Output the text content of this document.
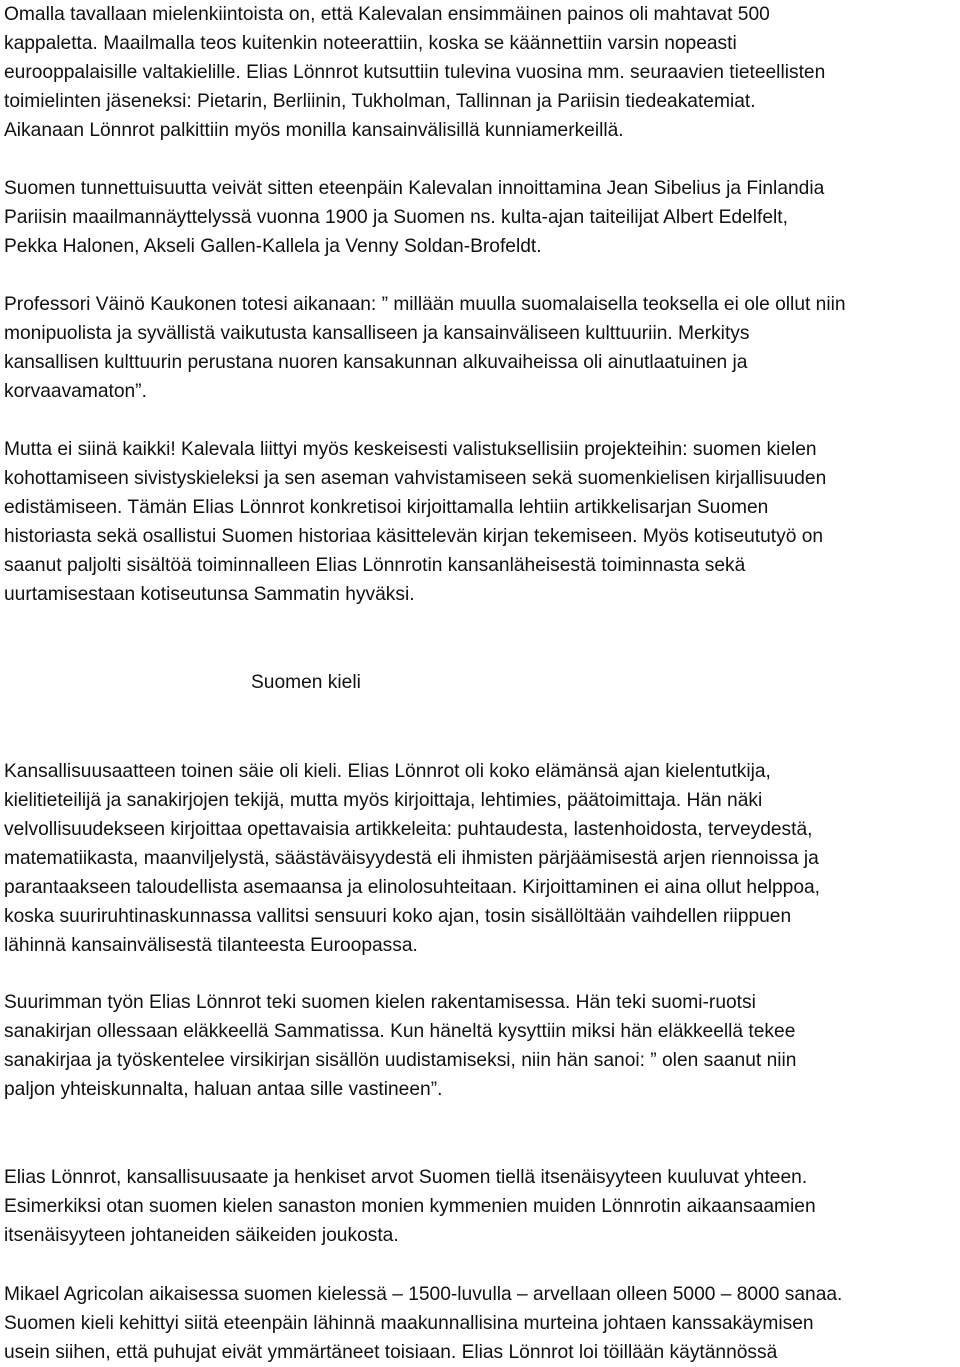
Omalla tavallaan mielenkiintoista on, että Kalevalan ensimmäinen painos oli mahtavat 500
kappaletta. Maailmalla teos kuitenkin noteerattiin, koska se käännettiin varsin nopeasti
eurooppalaisille valtakielille. Elias Lönnrot kutsuttiin tulevina vuosina mm. seuraavien tieteellisten
toimielinten jäseneksi: Pietarin, Berliinin, Tukholman, Tallinnan ja Pariisin tiedeakatemiat.
Aikanaan Lönnrot palkittiin myös monilla kansainvälisillä kunniamerkeillä.

Suomen tunnettuisuutta veivät sitten eteenpäin Kalevalan innoittamina Jean Sibelius ja Finlandia
Pariisin maailmannäyttelyssä vuonna 1900 ja Suomen ns. kulta-ajan taiteilijat Albert Edelfelt,
Pekka Halonen, Akseli Gallen-Kallela ja Venny Soldan-Brofeldt.

Professori Väinö Kaukonen totesi aikanaan: ” millään muulla suomalaisella teoksella ei ole ollut niin
monipuolista ja syvällistä vaikutusta kansalliseen ja kansainväliseen kulttuuriin. Merkitys
kansallisen kulttuurin perustana nuoren kansakunnan alkuvaiheissa oli ainutlaatuinen ja
korvaavamaton”.

Mutta ei siinä kaikki! Kalevala liittyi myös keskeisesti valistuksellisiin projekteihin: suomen kielen
kohottamiseen sivistyskieleksi ja sen aseman vahvistamiseen sekä suomenkielisen kirjallisuuden
edistämiseen. Tämän Elias Lönnrot konkretisoi kirjoittamalla lehtiin artikkelisarjan Suomen
historiasta sekä osallistui Suomen historiaa käsittelevän kirjan tekemiseen. Myös kotiseututyö on
saanut paljolti sisältöä toiminnalleen Elias Lönnrotin kansanläheisestä toiminnasta sekä
uurtamisestaan kotiseutunsa Sammatin hyväksi.

Suomen kieli

Kansallisuusaatteen toinen säie oli kieli. Elias Lönnrot oli koko elämänsä ajan kielentutkija,
kielitieteilijä ja sanakirjojen tekijä, mutta myös kirjoittaja, lehtimies, päätoimittaja. Hän näki
velvollisuudekseen kirjoittaa opettavaisia artikkeleita: puhtaudesta, lastenhoidosta, terveydestä,
matematiikasta, maanviljelystä, säästäväisyydestä eli ihmisten pärjäämisestä arjen riennoissa ja
parantaakseen taloudellista asemaansa ja elinolosuhteitaan. Kirjoittaminen ei aina ollut helppoa,
koska suuriruhtinaskunnassa vallitsi sensuuri koko ajan, tosin sisällöltään vaihdellen riippuen
lähinnä kansainvälisestä tilanteesta Euroopassa.

Suurimman työn Elias Lönnrot teki suomen kielen rakentamisessa. Hän teki suomi-ruotsi
sanakirjan ollessaan eläkkeellä Sammatissa. Kun häneltä kysyttiin miksi hän eläkkeellä tekee
sanakirjaa ja työskentelee virsikirjan sisällön uudistamiseksi, niin hän sanoi: ” olen saanut niin
paljon yhteiskunnalta, haluan antaa sille vastineen”.

Elias Lönnrot, kansallisuusaate ja henkiset arvot Suomen tiellä itsenäisyyteen kuuluvat yhteen.
Esimerkiksi otan suomen kielen sanaston monien kymmenien muiden Lönnrotin aikaansaamien
itsenäisyyteen johtaneiden säikeiden joukosta.

Mikael Agricolan aikaisessa suomen kielessä – 1500-luvulla – arvellaan olleen 5000 – 8000 sanaa.
Suomen kieli kehittyi siitä eteenpäin lähinnä maakunnallisina murteina johtaen kanssakäymisen
usein siihen, että puhujat eivät ymmärtäneet toisiaan. Elias Lönnrot loi töillään käytännössä
